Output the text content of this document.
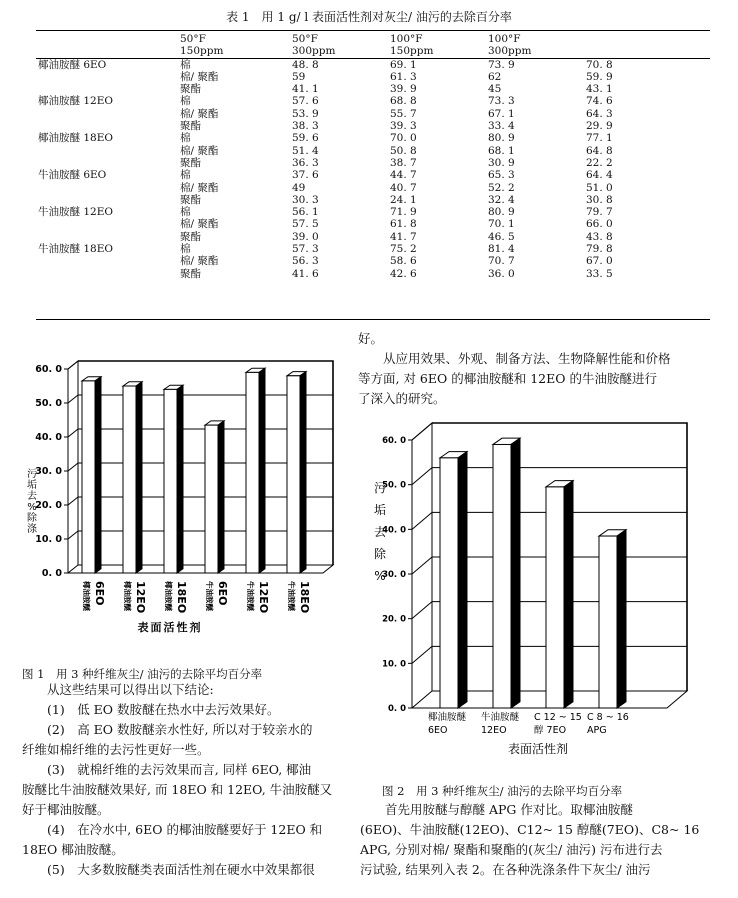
表 1　用 1 g/ l 表面活性剂对灰尘/ 油污的去除百分率
	50°F	50°F	100°F	100°F	
	150ppm	300ppm	150ppm	300ppm	
椰油胺醚 6EO	棉	48. 8	69. 1	73. 9	70. 8
	棉/ 聚酯	59	61. 3	62	59. 9
	聚酯	41. 1	39. 9	45	43. 1
椰油胺醚 12EO	棉	57. 6	68. 8	73. 3	74. 6
	棉/ 聚酯	53. 9	55. 7	67. 1	64. 3
	聚酯	38. 3	39. 3	33. 4	29. 9
椰油胺醚 18EO	棉	59. 6	70. 0	80. 9	77. 1
	棉/ 聚酯	51. 4	50. 8	68. 1	64. 8
	聚酯	36. 3	38. 7	30. 9	22. 2
牛油胺醚 6EO	棉	37. 6	44. 7	65. 3	64. 4
	棉/ 聚酯	49	40. 7	52. 2	51. 0
	聚酯	30. 3	24. 1	32. 4	30. 8
牛油胺醚 12EO	棉	56. 1	71. 9	80. 9	79. 7
	棉/ 聚酯	57. 5	61. 8	70. 1	66. 0
	聚酯	39. 0	41. 7	46. 5	43. 8
牛油胺醚 18EO	棉	57. 3	75. 2	81. 4	79. 8
	棉/ 聚酯	56. 3	58. 6	70. 7	67. 0
	聚酯	41. 6	42. 6	36. 0	33. 5
0. 0
10. 0
20. 0
30. 0
40. 0
50. 0
60. 0
污
垢
去
%
除
涤
椰油胺醚 6EO 椰油胺醚 12EO 椰油胺醚 18EO 牛油胺醚 6EO 牛油胺醚 12EO 牛油胺醚 18EO
表面活性剂
图 1　用 3 种纤维灰尘/ 油污的去除平均百分率

从这些结果可以得出以下结论:

(1)　低 EO 数胺醚在热水中去污效果好。

(2)　高 EO 数胺醚亲水性好, 所以对于较亲水的

纤维如棉纤维的去污性更好一些。

(3)　就棉纤维的去污效果而言, 同样 6EO, 椰油

胺醚比牛油胺醚效果好, 而 18EO 和 12EO, 牛油胺醚又

好于椰油胺醚。

(4)　在冷水中, 6EO 的椰油胺醚要好于 12EO 和

18EO 椰油胺醚。

(5)　大多数胺醚类表面活性剂在硬水中效果都很

好。

从应用效果、外观、制备方法、生物降解性能和价格

等方面, 对 6EO 的椰油胺醚和 12EO 的牛油胺醚进行

了深入的研究。

0. 0
10. 0
20. 0
30. 0
40. 0
50. 0
60. 0
污
垢
去
除
%
椰油胺醚
6EO
牛油胺醚
12EO
C 12 ~ 15
醇 7EO
C 8 ~ 16
APG
表面活性剂
图 2　用 3 种纤维灰尘/ 油污的去除平均百分率

首先用胺醚与醇醚 APG 作对比。取椰油胺醚

(6EO)、牛油胺醚(12EO)、C12~ 15 醇醚(7EO)、C8~ 16

APG, 分别对棉/ 聚酯和聚酯的(灰尘/ 油污) 污布进行去

污试验, 结果列入表 2。在各种洗涤条件下灰尘/ 油污
